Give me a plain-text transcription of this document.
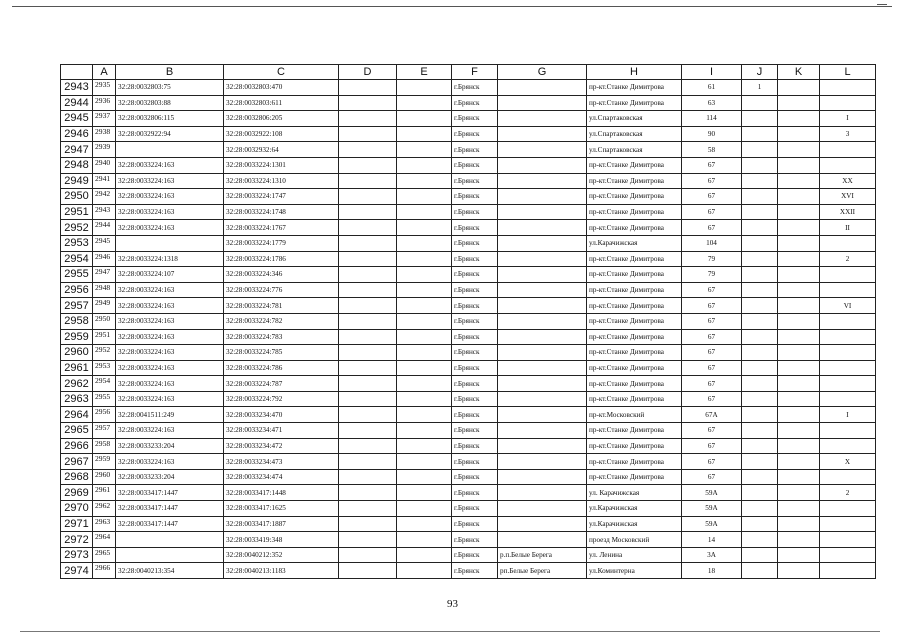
	A	B	C	D	E	F	G	H	I	J	K	L
2943	2935	32:28:0032803:75	32:28:0032803:470			г.Брянск		пр-кт.Станке Димитрова	61	1		
2944	2936	32:28:0032803:88	32:28:0032803:611			г.Брянск		пр-кт.Станке Димитрова	63			
2945	2937	32:28:0032806:115	32:28:0032806:205			г.Брянск		ул.Спартаковская	114			I
2946	2938	32:28:0032922:94	32:28:0032922:108			г.Брянск		ул.Спартаковская	90			3
2947	2939		32:28:0032932:64			г.Брянск		ул.Спартаковская	58			
2948	2940	32:28:0033224:163	32:28:0033224:1301			г.Брянск		пр-кт.Станке Димитрова	67			
2949	2941	32:28:0033224:163	32:28:0033224:1310			г.Брянск		пр-кт.Станке Димитрова	67			XX
2950	2942	32:28:0033224:163	32:28:0033224:1747			г.Брянск		пр-кт.Станке Димитрова	67			XVI
2951	2943	32:28:0033224:163	32:28:0033224:1748			г.Брянск		пр-кт.Станке Димитрова	67			XXII
2952	2944	32:28:0033224:163	32:28:0033224:1767			г.Брянск		пр-кт.Станке Димитрова	67			II
2953	2945		32:28:0033224:1779			г.Брянск		ул.Карачижская	104			
2954	2946	32:28:0033224:1318	32:28:0033224:1786			г.Брянск		пр-кт.Станке Димитрова	79			2
2955	2947	32:28:0033224:107	32:28:0033224:346			г.Брянск		пр-кт.Станке Димитрова	79			
2956	2948	32:28:0033224:163	32:28:0033224:776			г.Брянск		пр-кт.Станке Димитрова	67			
2957	2949	32:28:0033224:163	32:28:0033224:781			г.Брянск		пр-кт.Станке Димитрова	67			VI
2958	2950	32:28:0033224:163	32:28:0033224:782			г.Брянск		пр-кт.Станке Димитрова	67			
2959	2951	32:28:0033224:163	32:28:0033224:783			г.Брянск		пр-кт.Станке Димитрова	67			
2960	2952	32:28:0033224:163	32:28:0033224:785			г.Брянск		пр-кт.Станке Димитрова	67			
2961	2953	32:28:0033224:163	32:28:0033224:786			г.Брянск		пр-кт.Станке Димитрова	67			
2962	2954	32:28:0033224:163	32:28:0033224:787			г.Брянск		пр-кт.Станке Димитрова	67			
2963	2955	32:28:0033224:163	32:28:0033224:792			г.Брянск		пр-кт.Станке Димитрова	67			
2964	2956	32:28:0041511:249	32:28:0033234:470			г.Брянск		пр-кт.Московский	67А			I
2965	2957	32:28:0033224:163	32:28:0033234:471			г.Брянск		пр-кт.Станке Димитрова	67			
2966	2958	32:28:0033233:204	32:28:0033234:472			г.Брянск		пр-кт.Станке Димитрова	67			
2967	2959	32:28:0033224:163	32:28:0033234:473			г.Брянск		пр-кт.Станке Димитрова	67			X
2968	2960	32:28:0033233:204	32:28:0033234:474			г.Брянск		пр-кт.Станке Димитрова	67			
2969	2961	32:28:0033417:1447	32:28:0033417:1448			г.Брянск		ул. Карачижская	59А			2
2970	2962	32:28:0033417:1447	32:28:0033417:1625			г.Брянск		ул.Карачижская	59А			
2971	2963	32:28:0033417:1447	32:28:0033417:1887			г.Брянск		ул.Карачижская	59А			
2972	2964		32:28:0033419:348			г.Брянск		проезд Московский	14			
2973	2965		32:28:0040212:352			г.Брянск	р.п.Белые Берега	ул. Ленина	3А			
2974	2966	32:28:0040213:354	32:28:0040213:1183			г.Брянск	рп.Белые Берега	ул.Коминтерна	18			
93
